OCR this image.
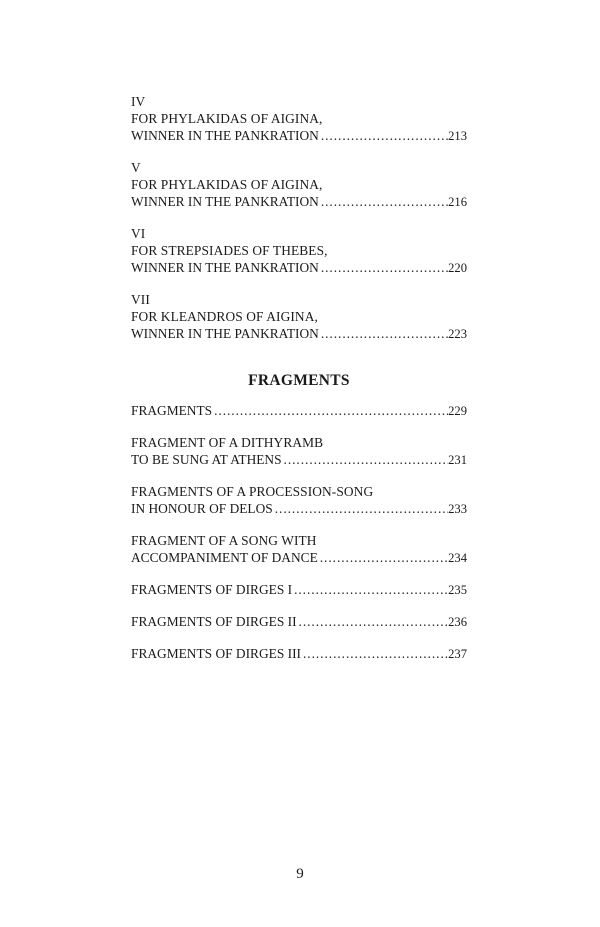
IV
FOR PHYLAKIDAS OF AIGINA,
WINNER IN THE PANKRATION . . .	213
V
FOR PHYLAKIDAS OF AIGINA,
WINNER IN THE PANKRATION . . .	216
VI
FOR STREPSIADES OF THEBES,
WINNER IN THE PANKRATION . . .	220
VII
FOR KLEANDROS OF AIGINA,
WINNER IN THE PANKRATION . . .	223
FRAGMENTS
FRAGMENTS . . .	229
FRAGMENT OF A DITHYRAMB
TO BE SUNG AT ATHENS . . .	231
FRAGMENTS OF A PROCESSION-SONG
IN HONOUR OF DELOS . . .	233
FRAGMENT OF A SONG WITH
ACCOMPANIMENT OF DANCE . . .	234
FRAGMENTS OF DIRGES I . . .	235
FRAGMENTS OF DIRGES II . . .	236
FRAGMENTS OF DIRGES III . . .	237
9
